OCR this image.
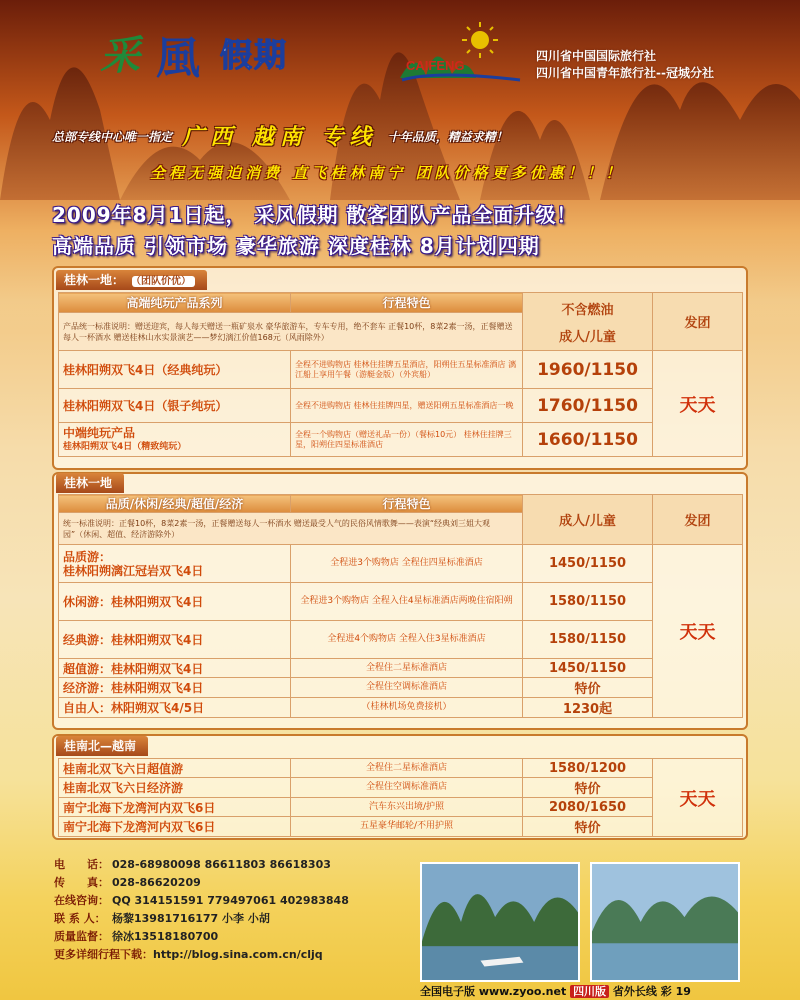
采 風 假期	CAIFENG
四川省中国国际旅行社
四川省中国青年旅行社--冠城分社
总部专线中心唯一指定 广西 越南 专线 十年品质，精益求精！
全程无强迫消费 直飞桂林南宁 团队价格更多优惠！！！
2009年8月1日起， 采风假期 散客团队产品全面升级！
高端品质 引领市场 豪华旅游 深度桂林 8月计划四期
桂林一地： （团队价优）
高端纯玩产品系列	行程特色	不含燃油
成人/儿童	发团
产品统一标准说明：赠送迎宾，每人每天赠送一瓶矿泉水 豪华旅游车，专车专用，绝不套车 正餐10杯，8菜2素一汤，正餐赠送每人一杯酒水 赠送桂林山水实景演艺——梦幻漓江价值168元（风雨除外）			
桂林阳朔双飞4日（经典纯玩）	全程不进购物店 桂林住挂牌五星酒店，阳朔住五星标准酒店 漓江船上享用午餐（游艇金版）（外宾船）	1960/1150	天天
桂林阳朔双飞4日（银子纯玩）	全程不进购物店 桂林住挂牌四星，赠送阳朔五星标准酒店一晚	1760/1150	

中端纯玩产品
桂林阳朔双飞4日（精致纯玩）	全程一个购物店（赠送礼品一份）（餐标10元） 桂林住挂牌三星，阳朔住四星标准酒店	1660/1150	
桂林一地
品质/休闲/经典/超值/经济	行程特色	成人/儿童	发团
统一标准说明：正餐10杯，8菜2素一汤，正餐赠送每人一杯酒水 赠送最受人气的民俗风情歌舞——表演“经典刘三姐大观园”（休闲、超值、经济游除外）			

品质游：
桂林阳朔漓江冠岩双飞4日	全程进3个购物店 全程住四星标准酒店	1450/1150	天天
休闲游：桂林阳朔双飞4日	全程进3个购物店 全程入住4星标准酒店两晚住宿阳朔	1580/1150	
经典游：桂林阳朔双飞4日	全程进4个购物店 全程入住3星标准酒店	1580/1150	
超值游：桂林阳朔双飞4日	全程住二星标准酒店	1450/1150	
经济游：桂林阳朔双飞4日	全程住空调标准酒店	特价	
自由人：林阳朔双飞4/5日	（桂林机场免费接机）	1230起	
桂南北—越南
桂南北双飞六日超值游	全程住二星标准酒店	1580/1200	天天
桂南北双飞六日经济游	全程住空调标准酒店	特价	
南宁北海下龙湾河内双飞6日	汽车东兴出境/护照	2080/1650	
南宁北海下龙湾河内双飞6日	五星豪华邮轮/不用护照	特价	
电　　话： 028-68980098 86611803 86618303
传　　真： 028-86620209
在线咨询： QQ 314151591 779497061 402983848
联 系 人： 杨黎13981716177 小李 小胡
质量监督： 徐冰13518180700
更多详细行程下载：http://blog.sina.com.cn/cljq
全国电子版 www.zyoo.net 四川版 省外长线 彩 19
